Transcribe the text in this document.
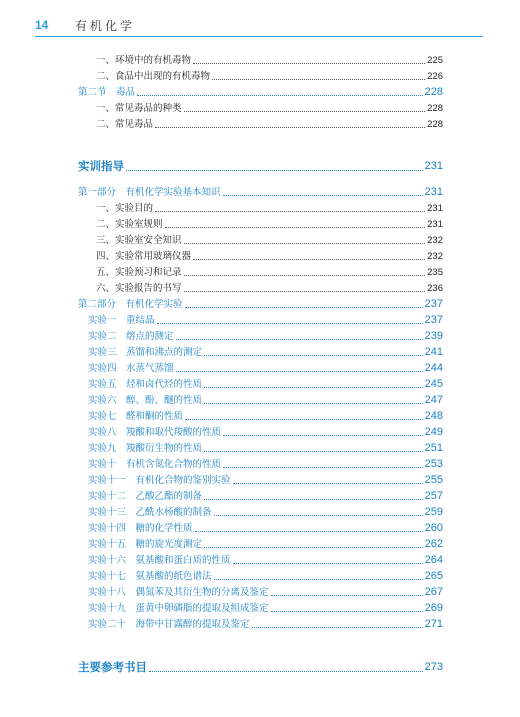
14 有机化学
一、环境中的有机毒物	225
二、食品中出现的有机毒物	226
第二节　毒品	228
一、常见毒品的种类	228
二、常见毒品	228
实训指导	231
第一部分　有机化学实验基本知识	231
一、实验目的	231
二、实验室规则	231
三、实验室安全知识	232
四、实验常用玻璃仪器	232
五、实验预习和记录	235
六、实验报告的书写	236
第二部分　有机化学实验	237
实验一　重结晶	237
实验二　熔点的测定	239
实验三　蒸馏和沸点的测定	241
实验四　水蒸气蒸馏	244
实验五　烃和卤代烃的性质	245
实验六　醇、酚、醚的性质	247
实验七　醛和酮的性质	248
实验八　羧酸和取代羧酸的性质	249
实验九　羧酸衍生物的性质	251
实验十　有机含氮化合物的性质	253
实验十一　有机化合物的鉴别实验	255
实验十二　乙酸乙酯的制备	257
实验十三　乙酰水杨酸的制备	259
实验十四　糖的化学性质	260
实验十五　糖的旋光度测定	262
实验十六　氨基酸和蛋白质的性质	264
实验十七　氨基酸的纸色谱法	265
实验十八　偶氮苯及其衍生物的分离及鉴定	267
实验十九　蛋黄中卵磷脂的提取及组成鉴定	269
实验二十　海带中甘露醇的提取及鉴定	271
主要参考书目	273
